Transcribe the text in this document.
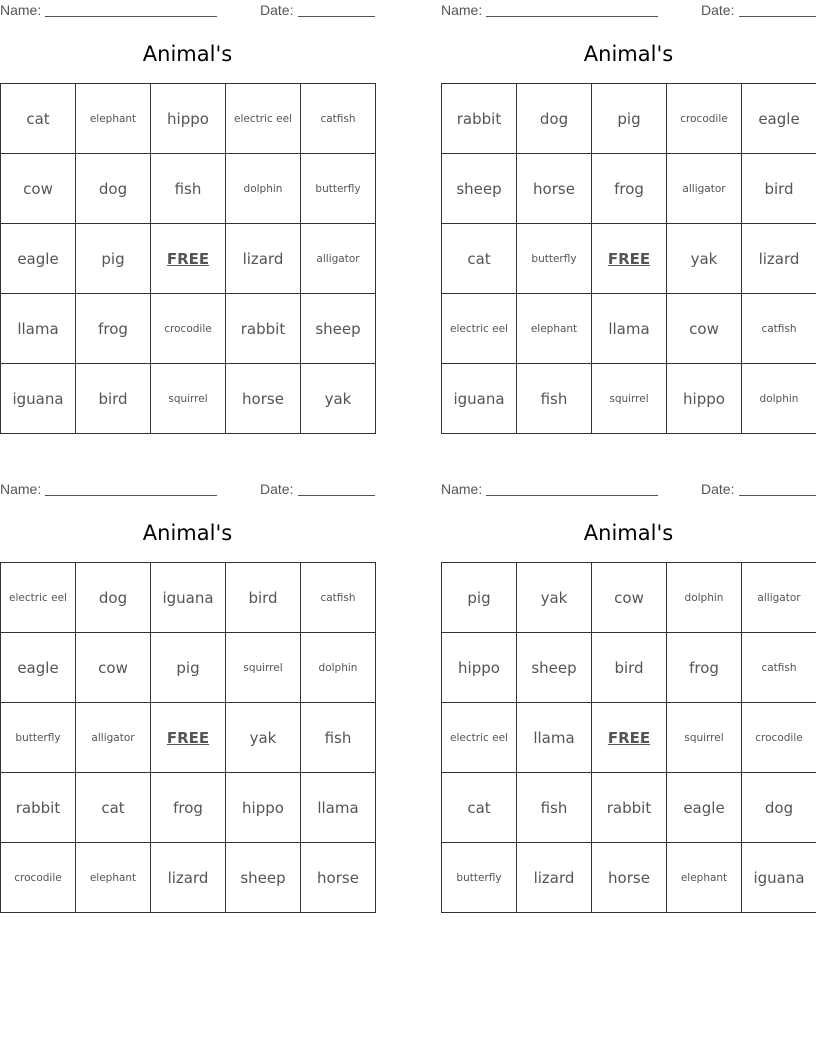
Name:	Date:
Animal's
cat	elephant	hippo	electric eel	catfish
cow	dog	fish	dolphin	butterfly
eagle	pig	FREE	lizard	alligator
llama	frog	crocodile	rabbit	sheep
iguana	bird	squirrel	horse	yak
Name:	Date:
Animal's
rabbit	dog	pig	crocodile	eagle
sheep	horse	frog	alligator	bird
cat	butterfly	FREE	yak	lizard
electric eel	elephant	llama	cow	catfish
iguana	fish	squirrel	hippo	dolphin
Name:	Date:
Animal's
electric eel	dog	iguana	bird	catfish
eagle	cow	pig	squirrel	dolphin
butterfly	alligator	FREE	yak	fish
rabbit	cat	frog	hippo	llama
crocodile	elephant	lizard	sheep	horse
Name:	Date:
Animal's
pig	yak	cow	dolphin	alligator
hippo	sheep	bird	frog	catfish
electric eel	llama	FREE	squirrel	crocodile
cat	fish	rabbit	eagle	dog
butterfly	lizard	horse	elephant	iguana
